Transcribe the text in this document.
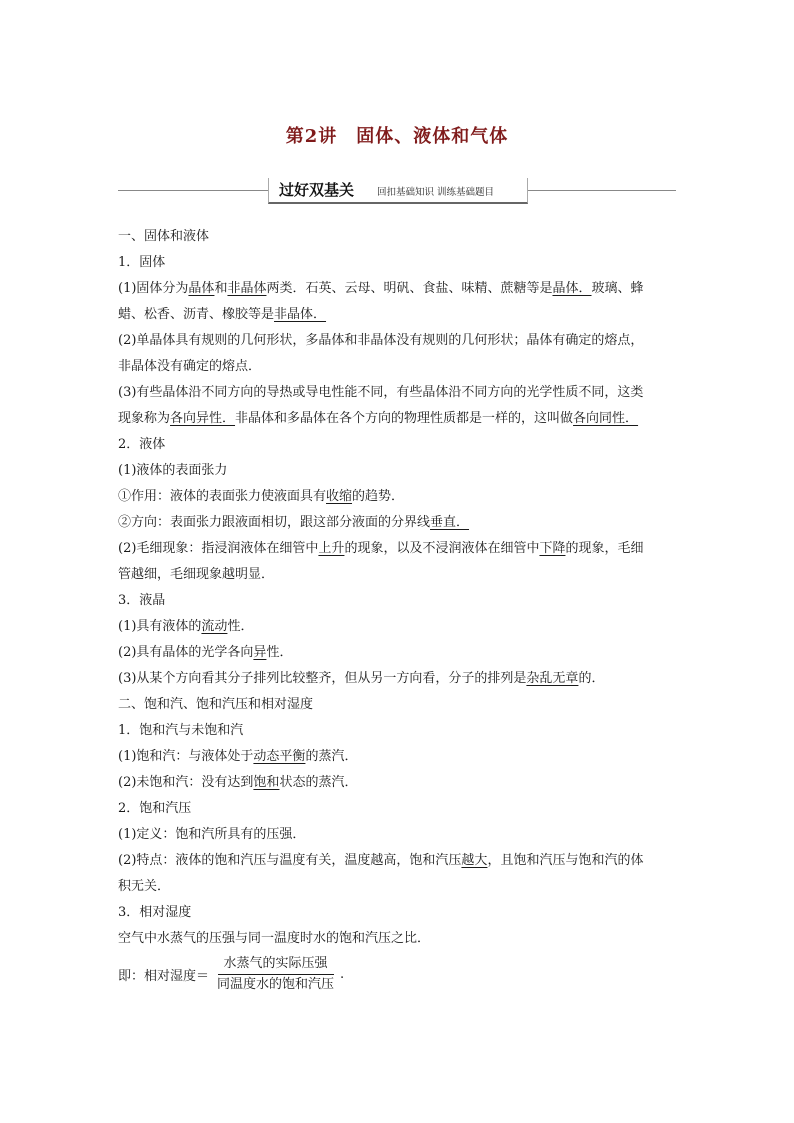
第2讲　固体、液体和气体
过好双基关 回扣基础知识 训练基础题目
一、固体和液体
1．固体
(1)固体分为晶体和非晶体两类．石英、云母、明矾、食盐、味精、蔗糖等是晶体．玻璃、蜂
蜡、松香、沥青、橡胶等是非晶体．
(2)单晶体具有规则的几何形状，多晶体和非晶体没有规则的几何形状；晶体有确定的熔点，
非晶体没有确定的熔点．
(3)有些晶体沿不同方向的导热或导电性能不同，有些晶体沿不同方向的光学性质不同，这类
现象称为各向异性．非晶体和多晶体在各个方向的物理性质都是一样的，这叫做各向同性．
2．液体
(1)液体的表面张力
①作用：液体的表面张力使液面具有收缩的趋势．
②方向：表面张力跟液面相切，跟这部分液面的分界线垂直．
(2)毛细现象：指浸润液体在细管中上升的现象，以及不浸润液体在细管中下降的现象，毛细
管越细，毛细现象越明显．
3．液晶
(1)具有液体的流动性．
(2)具有晶体的光学各向异性．
(3)从某个方向看其分子排列比较整齐，但从另一方向看，分子的排列是杂乱无章的．
二、饱和汽、饱和汽压和相对湿度
1．饱和汽与未饱和汽
(1)饱和汽：与液体处于动态平衡的蒸汽．
(2)未饱和汽：没有达到饱和状态的蒸汽．
2．饱和汽压
(1)定义：饱和汽所具有的压强．
(2)特点：液体的饱和汽压与温度有关，温度越高，饱和汽压越大，且饱和汽压与饱和汽的体
积无关．
3．相对湿度
空气中水蒸气的压强与同一温度时水的饱和汽压之比．
即：相对湿度＝ $\frac{\text{水蒸气的实际压强}}{\text{同温度水的饱和汽压}}$ .
